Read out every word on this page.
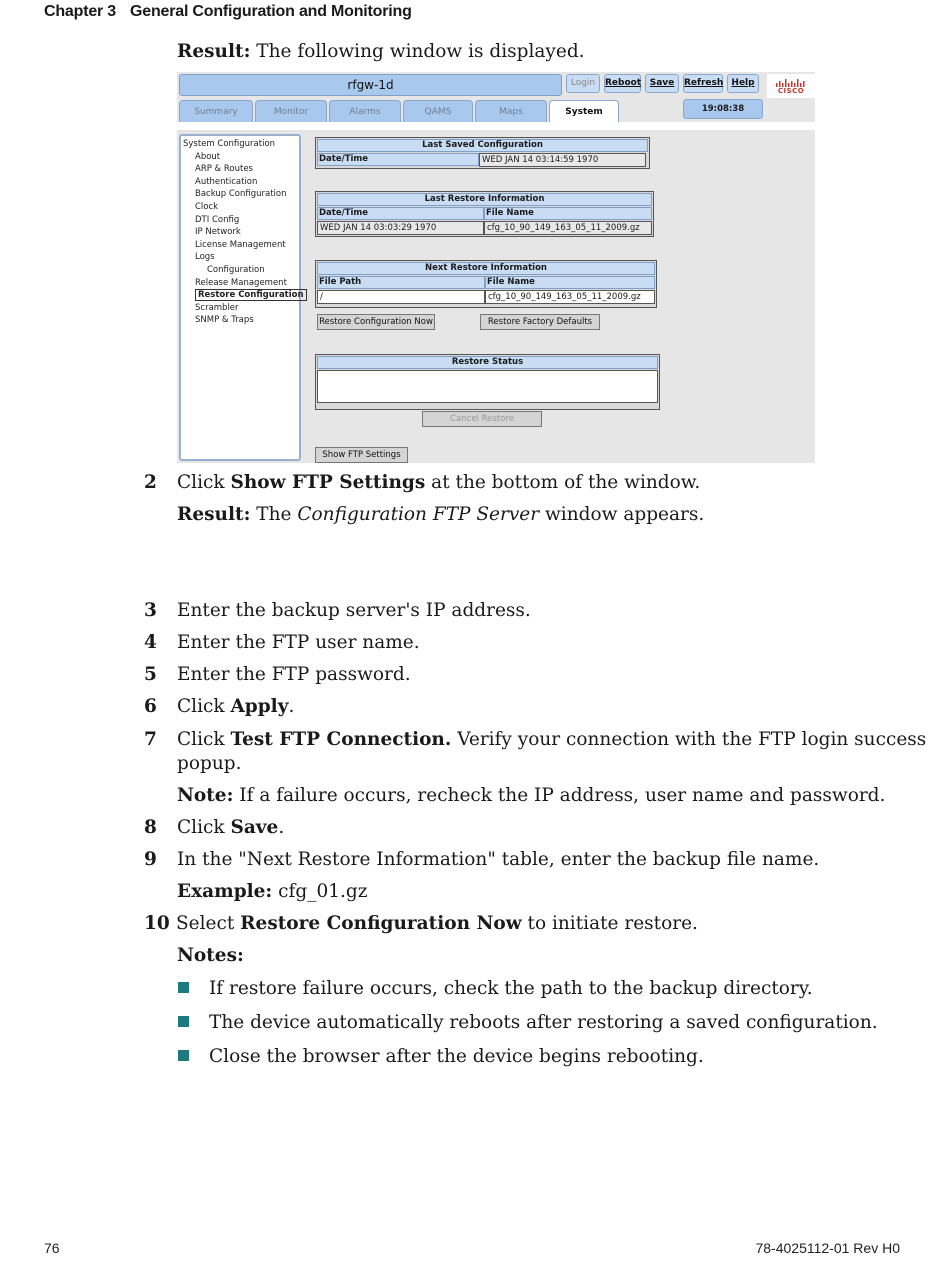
Chapter 3 General Configuration and Monitoring
Result: The following window is displayed.
rfgw-1d	Login	Reboot Save	Refresh Help
CISCO
Summary	Monitor	Alarms	QAMS	Maps	System	19:08:38
System Configuration
About
ARP & Routes
Authentication
Backup Configuration
Clock
DTI Config
IP Network
License Management
Logs
Configuration
Release Management
Restore Configuration
Scrambler
SNMP & Traps
Last Saved Configuration
Date/Time	WED JAN 14 03:14:59 1970
Last Restore Information
Date/Time	File Name
WED JAN 14 03:03:29 1970	cfg_10_90_149_163_05_11_2009.gz
Next Restore Information
File Path	File Name
/	cfg_10_90_149_163_05_11_2009.gz
Restore Configuration Now	Restore Factory Defaults
Restore Status
Cancel Restore
Show FTP Settings
2 Click Show FTP Settings at the bottom of the window.
Result: The Configuration FTP Server window appears.
3 Enter the backup server's IP address.
4 Enter the FTP user name.
5 Enter the FTP password.
6 Click Apply.
7 Click Test FTP Connection. Verify your connection with the FTP login success
popup.
Note: If a failure occurs, recheck the IP address, user name and password.
8 Click Save.
9 In the "Next Restore Information" table, enter the backup file name.
Example: cfg_01.gz
10 Select Restore Configuration Now to initiate restore.
Notes:
If restore failure occurs, check the path to the backup directory.
The device automatically reboots after restoring a saved configuration.
Close the browser after the device begins rebooting.
76	78-4025112-01 Rev H0
